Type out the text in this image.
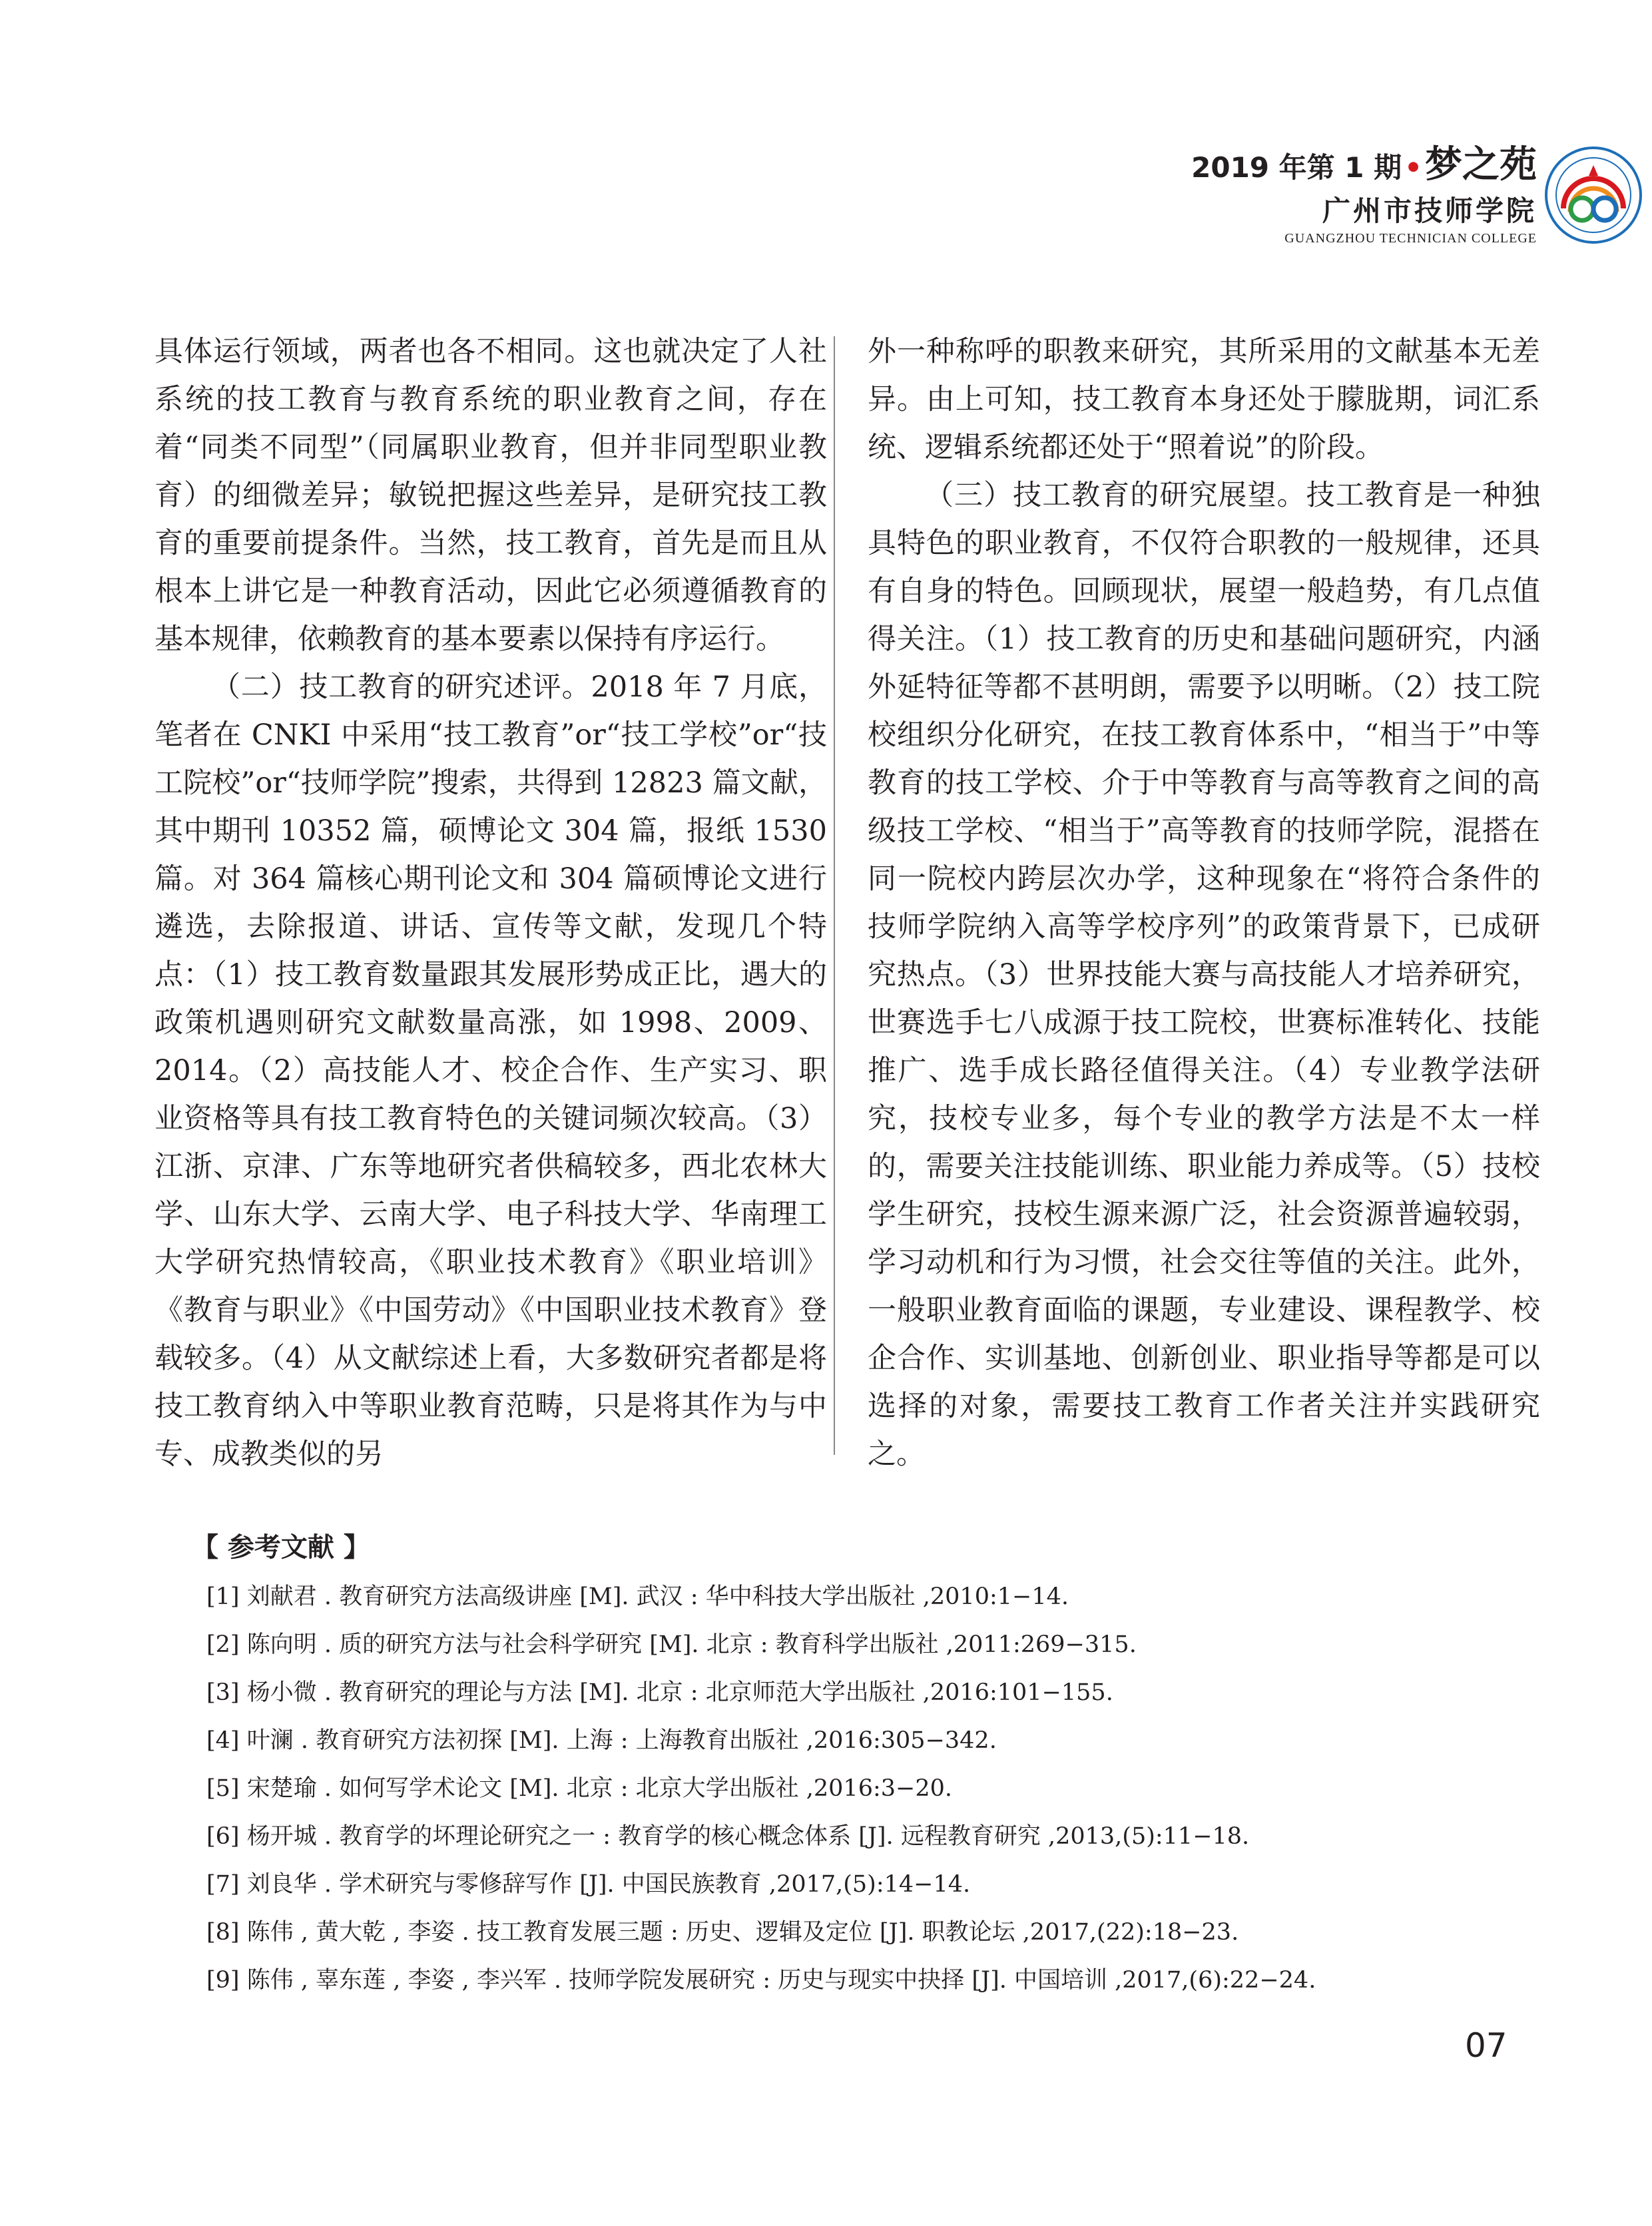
2019 年第 1 期•梦之苑
广州市技师学院
GUANGZHOU TECHNICIAN COLLEGE

具体运行领域，两者也各不相同。这也就决定了人社系统的技工教育与教育系统的职业教育之间，存在着“同类不同型”（同属职业教育，但并非同型职业教育）的细微差异；敏锐把握这些差异，是研究技工教育的重要前提条件。当然，技工教育，首先是而且从根本上讲它是一种教育活动，因此它必须遵循教育的基本规律，依赖教育的基本要素以保持有序运行。

（二）技工教育的研究述评。2018 年 7 月底，笔者在 CNKI 中采用“技工教育”or“技工学校”or“技工院校”or“技师学院”搜索，共得到 12823 篇文献，其中期刊 10352 篇，硕博论文 304 篇，报纸 1530 篇。对 364 篇核心期刊论文和 304 篇硕博论文进行遴选，去除报道、讲话、宣传等文献，发现几个特点：（1）技工教育数量跟其发展形势成正比，遇大的政策机遇则研究文献数量高涨，如 1998、2009、2014。（2）高技能人才、校企合作、生产实习、职业资格等具有技工教育特色的关键词频次较高。（3）江浙、京津、广东等地研究者供稿较多，西北农林大学、山东大学、云南大学、电子科技大学、华南理工大学研究热情较高，《职业技术教育》《职业培训》《教育与职业》《中国劳动》《中国职业技术教育》登载较多。（4）从文献综述上看，大多数研究者都是将技工教育纳入中等职业教育范畴，只是将其作为与中专、成教类似的另

外一种称呼的职教来研究，其所采用的文献基本无差异。由上可知，技工教育本身还处于朦胧期，词汇系统、逻辑系统都还处于“照着说”的阶段。

（三）技工教育的研究展望。技工教育是一种独具特色的职业教育，不仅符合职教的一般规律，还具有自身的特色。回顾现状，展望一般趋势，有几点值得关注。（1）技工教育的历史和基础问题研究，内涵外延特征等都不甚明朗，需要予以明晰。（2）技工院校组织分化研究，在技工教育体系中，“相当于”中等教育的技工学校、介于中等教育与高等教育之间的高级技工学校、“相当于”高等教育的技师学院，混搭在同一院校内跨层次办学，这种现象在“将符合条件的技师学院纳入高等学校序列”的政策背景下，已成研究热点。（3）世界技能大赛与高技能人才培养研究，世赛选手七八成源于技工院校，世赛标准转化、技能推广、选手成长路径值得关注。（4）专业教学法研究，技校专业多，每个专业的教学方法是不太一样的，需要关注技能训练、职业能力养成等。（5）技校学生研究，技校生源来源广泛，社会资源普遍较弱，学习动机和行为习惯，社会交往等值的关注。此外，一般职业教育面临的课题，专业建设、课程教学、校企合作、实训基地、创新创业、职业指导等都是可以选择的对象，需要技工教育工作者关注并实践研究之。

【 参考文献 】
[1] 刘献君 . 教育研究方法高级讲座 [M]. 武汉 : 华中科技大学出版社 ,2010:1−14.
[2] 陈向明 . 质的研究方法与社会科学研究 [M]. 北京 : 教育科学出版社 ,2011:269−315.
[3] 杨小微 . 教育研究的理论与方法 [M]. 北京 : 北京师范大学出版社 ,2016:101−155.
[4] 叶澜 . 教育研究方法初探 [M]. 上海 : 上海教育出版社 ,2016:305−342.
[5] 宋楚瑜 . 如何写学术论文 [M]. 北京 : 北京大学出版社 ,2016:3−20.
[6] 杨开城 . 教育学的坏理论研究之一 : 教育学的核心概念体系 [J]. 远程教育研究 ,2013,(5):11−18.
[7] 刘良华 . 学术研究与零修辞写作 [J]. 中国民族教育 ,2017,(5):14−14.
[8] 陈伟 , 黄大乾 , 李姿 . 技工教育发展三题 : 历史、逻辑及定位 [J]. 职教论坛 ,2017,(22):18−23.
[9] 陈伟 , 辜东莲 , 李姿 , 李兴军 . 技师学院发展研究 : 历史与现实中抉择 [J]. 中国培训 ,2017,(6):22−24.
07
